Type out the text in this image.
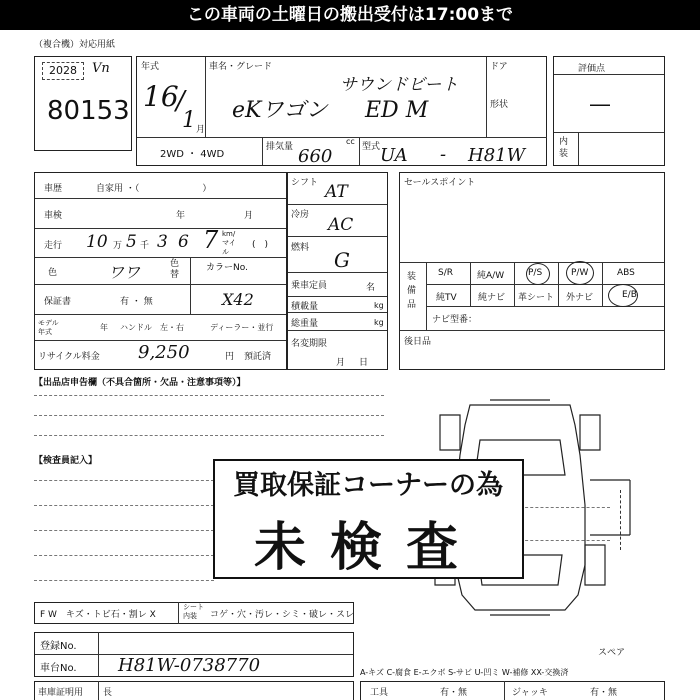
この車両の土曜日の搬出受付は17:00まで
（複合機）対応用紙
2028	Vn
80153
年式
16
/
1 月
車名・グレード
eKワゴン
サウンドビート
ED M
ドア
形状
2WD ・ 4WD
排気量
cc
660	型式 UA - H81W
評価点
―
内装
車歴	自家用 ・（　　　　　　　）
車検	年	月
走行 10 万 5 千 3 6 7 km/マイル
(　)
色	ワワ	色替
カラーNo.
X42
保証書	有 ・ 無
モデル年式	年 ハンドル　左・右	ディーラー・並行
リサイクル料金 9,250	円 預託済
シフト AT
冷房 AC
燃料 G
乗車定員	名
積載量	kg
総重量	kg
名変期限
月日
セールスポイント
装備品
S/R	純A/W	P/S	P/W	ABS
純TV 純ナビ 革シート 外ナビ	E/B
ナビ型番：
後日品
【出品店申告欄（不具合箇所・欠品・注意事項等）】
【検査員記入】
買取保証コーナーの為
未検査
F W　キズ・トビ石・割レ X
シート内装	コゲ・穴・汚レ・シミ・破レ・スレ
登録No.
車台No. H81W-0738770
スペア
A-キズ C-腐食 E-エクボ S-サビ U-凹ミ W-補修 XX-交換済
車庫証明用 長	工具	有・無	ジャッキ	有・無
